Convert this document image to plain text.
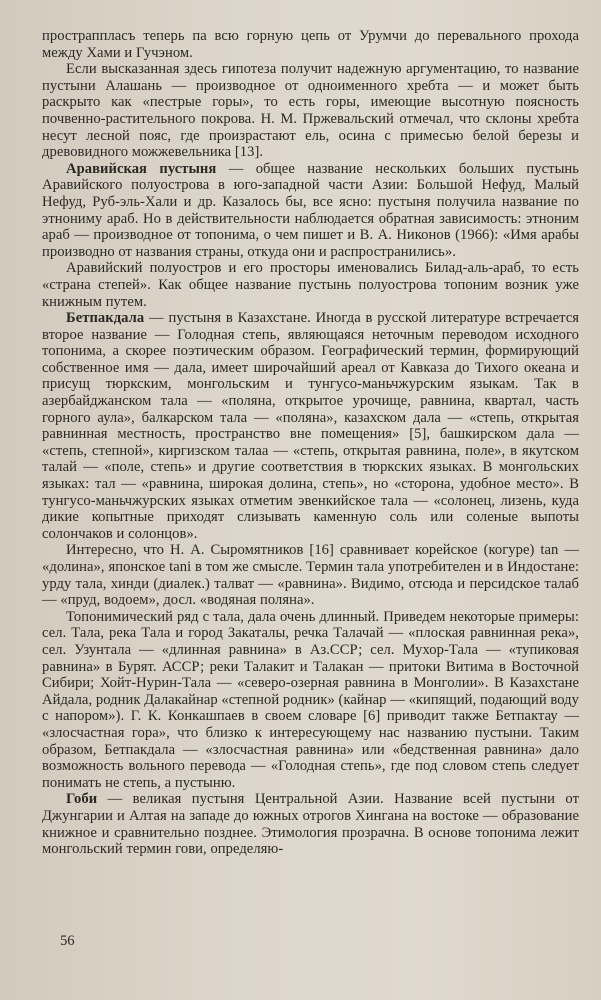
простраппласъ теперь па всю горную цепь от Урумчи до перевального прохода между Хами и Гучэном.

Если высказанная здесь гипотеза получит надежную аргументацию, то название пустыни Алашань — производное от одноименного хребта — и может быть раскрыто как «пестрые горы», то есть горы, имеющие высотную поясность почвенно-растительного покрова. Н. М. Пржевальский отмечал, что склоны хребта несут лесной пояс, где произрастают ель, осина с примесью белой березы и древовидного можжевельника [13].

Аравийская пустыня — общее название нескольких больших пустынь Аравийского полуострова в юго-западной части Азии: Большой Нефуд, Малый Нефуд, Руб-эль-Хали и др. Казалось бы, все ясно: пустыня получила название по этнониму араб. Но в действительности наблюдается обратная зависимость: этноним араб — производное от топонима, о чем пишет и В. А. Никонов (1966): «Имя арабы производно от названия страны, откуда они и распространились».

Аравийский полуостров и его просторы именовались Билад-аль-араб, то есть «страна степей». Как общее название пустынь полуострова топоним возник уже книжным путем.

Бетпакдала — пустыня в Казахстане. Иногда в русской литературе встречается второе название — Голодная степь, являющаяся неточным переводом исходного топонима, а скорее поэтическим образом. Географический термин, формирующий собственное имя — дала, имеет широчайший ареал от Кавказа до Тихого океана и присущ тюркским, монгольским и тунгусо-маньчжурским языкам. Так в азербайджанском тала — «поляна, открытое урочище, равнина, квартал, часть горного аула», балкарском тала — «поляна», казахском дала — «степь, открытая равнинная местность, пространство вне помещения» [5], башкирском дала — «степь, степной», киргизском талаа — «степь, открытая равнина, поле», в якутском талай — «поле, степь» и другие соответствия в тюркских языках. В монгольских языках: тал — «равнина, широкая долина, степь», но «сторона, удобное место». В тунгусо-маньчжурских языках отметим эвенкийское тала — «солонец, лизень, куда дикие копытные приходят слизывать каменную соль или соленые выпоты солончаков и солонцов».

Интересно, что Н. А. Сыромятников [16] сравнивает корейское (когуре) tan — «долина», японское tani в том же смысле. Термин тала употребителен и в Индостане: урду тала, хинди (диалек.) талват — «равнина». Видимо, отсюда и персидское талаб — «пруд, водоем», досл. «водяная поляна».

Топонимический ряд с тала, дала очень длинный. Приведем некоторые примеры: сел. Тала, река Тала и город Закаталы, речка Талачай — «плоская равнинная река», сел. Узунтала — «длинная равнина» в Аз.ССР; сел. Мухор-Тала — «тупиковая равнина» в Бурят. АССР; реки Талакит и Талакан — притоки Витима в Восточной Сибири; Хойт-Нурин-Тала — «северо-озерная равнина в Монголии». В Казахстане Айдала, родник Далакайнар «степной родник» (кайнар — «кипящий, подающий воду с напором»). Г. К. Конкашпаев в своем словаре [6] приводит также Бетпактау — «злосчастная гора», что близко к интересующему нас названию пустыни. Таким образом, Бетпакдала — «злосчастная равнина» или «бедственная равнина» дало возможность вольного перевода — «Голодная степь», где под словом степь следует понимать не степь, а пустыню.

Гоби — великая пустыня Центральной Азии. Название всей пустыни от Джунгарии и Алтая на западе до южных отрогов Хингана на востоке — образование книжное и сравнительно позднее. Этимология прозрачна. В основе топонима лежит монгольский термин гови, определяю-

56
